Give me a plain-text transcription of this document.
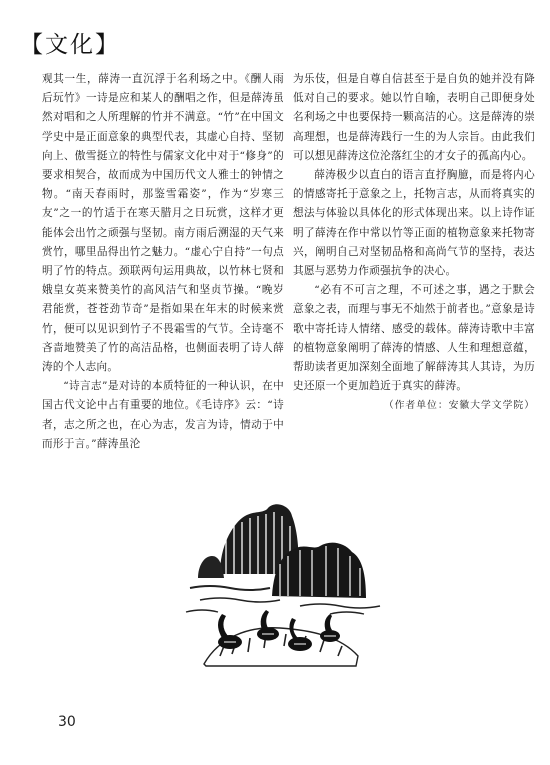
【文化】

观其一生，薛涛一直沉浮于名利场之中。《酬人雨后玩竹》一诗是应和某人的酬唱之作，但是薛涛虽然对唱和之人所理解的竹并不满意。“竹”在中国文学史中是正面意象的典型代表，其虚心自持、坚韧向上、傲雪挺立的特性与儒家文化中对于“修身”的要求相契合，故而成为中国历代文人雅士的钟情之物。“南天春雨时，那鉴雪霜姿”，作为“岁寒三友”之一的竹适于在寒天腊月之日玩赏，这样才更能体会出竹之顽强与坚韧。南方雨后溯湿的天气来赏竹，哪里品得出竹之魅力。“虚心宁自持”一句点明了竹的特点。颈联两句运用典故，以竹林七贤和娥皇女英来赞美竹的高风洁气和坚贞节操。“晚岁君能赏，苍苍劲节奇”是指如果在年末的时候来赏竹，便可以见识到竹子不畏霜雪的气节。全诗毫不吝啬地赞美了竹的高洁品格，也侧面表明了诗人薛涛的个人志向。

“诗言志”是对诗的本质特征的一种认识，在中国古代文论中占有重要的地位。《毛诗序》云：“诗者，志之所之也，在心为志，发言为诗，情动于中而形于言。”薛涛虽沦

为乐伎，但是自尊自信甚至于是自负的她并没有降低对自己的要求。她以竹自喻，表明自己即便身处名利场之中也要保持一颗高洁的心。这是薛涛的崇高理想，也是薛涛践行一生的为人宗旨。由此我们可以想见薛涛这位沦落红尘的才女子的孤高内心。

薛涛极少以直白的语言直抒胸臆，而是将内心的情感寄托于意象之上，托物言志，从而将真实的想法与体验以具体化的形式体现出来。以上诗作证明了薛涛在作中常以竹等正面的植物意象来托物寄兴，阐明自己对坚韧品格和高尚气节的坚持，表达其愿与恶势力作顽强抗争的决心。

“必有不可言之理，不可述之事，遇之于默会意象之表，而理与事无不灿然于前者也。”意象是诗歌中寄托诗人情绪、感受的载体。薛涛诗歌中丰富的植物意象阐明了薛涛的情感、人生和理想意蕴，帮助读者更加深刻全面地了解薛涛其人其诗，为历史还原一个更加趋近于真实的薛涛。

（作者单位：安徽大学文学院）

30
